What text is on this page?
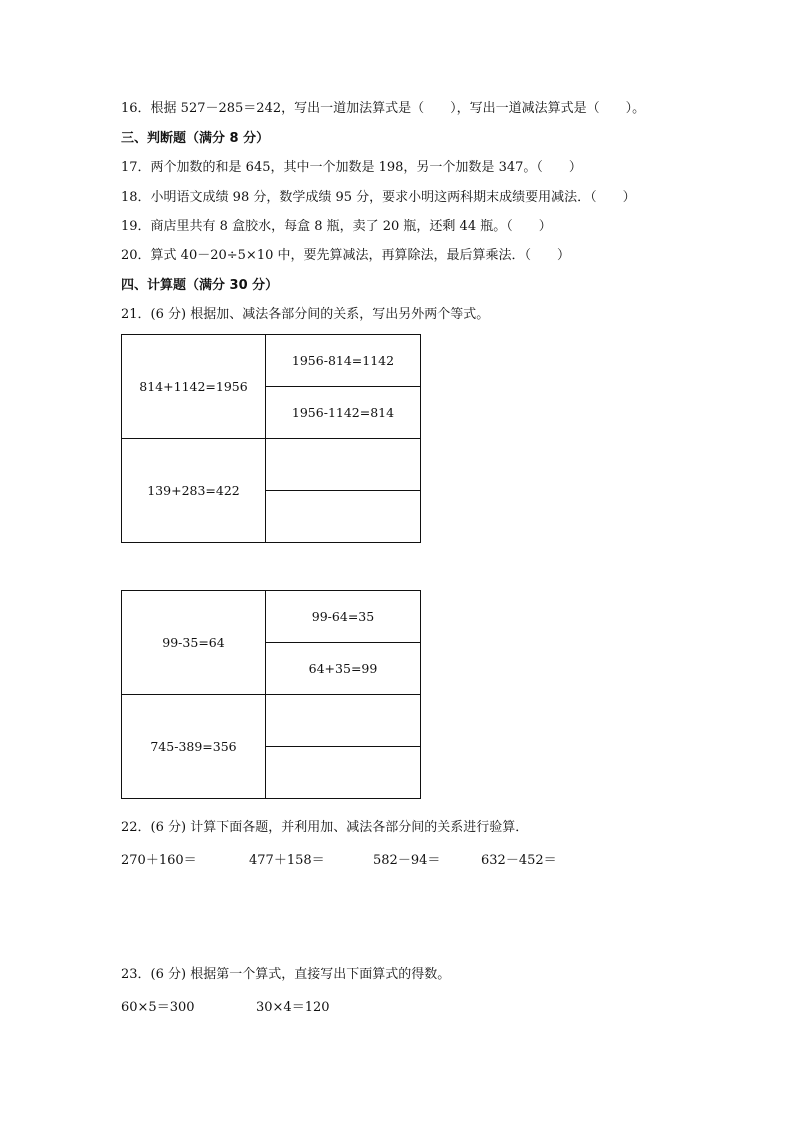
16．根据 527－285＝242，写出一道加法算式是（　　），写出一道减法算式是（　　）。
三、判断题（满分 8 分）
17．两个加数的和是 645，其中一个加数是 198，另一个加数是 347。（　　）
18．小明语文成绩 98 分，数学成绩 95 分，要求小明这两科期末成绩要用减法．（　　）
19．商店里共有 8 盒胶水，每盒 8 瓶，卖了 20 瓶，还剩 44 瓶。（　　）
20．算式 40－20÷5×10 中，要先算减法，再算除法，最后算乘法．（　　）
四、计算题（满分 30 分）
21．(6 分) 根据加、减法各部分间的关系，写出另外两个等式。
814+1142=1956	1956-814=1142
	1956-1142=814
139+283=422	

99-35=64	99-64=35
	64+35=99
745-389=356	

22．(6 分) 计算下面各题，并利用加、减法各部分间的关系进行验算．
270＋160＝	477＋158＝	582－94＝	632－452＝
23．(6 分) 根据第一个算式，直接写出下面算式的得数。
60×5＝300	30×4＝120
